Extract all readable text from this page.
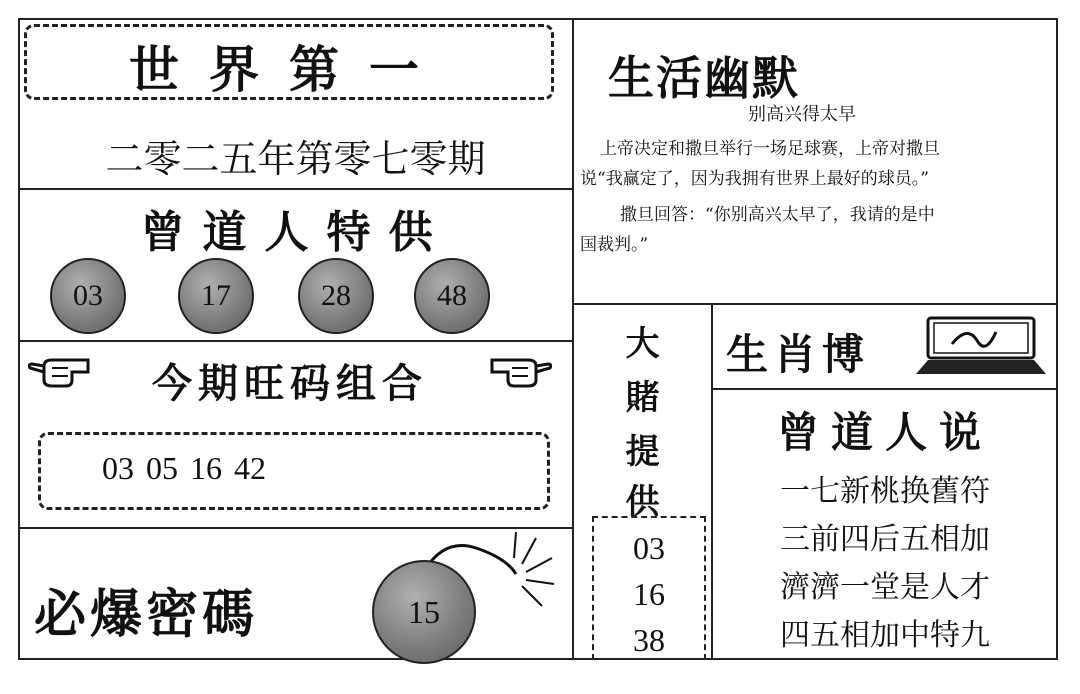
世界第一
二零二五年第零七零期
曾道人特供
03	17	28	48
今期旺码组合
03 05 16 42
必爆密碼	15
生活幽默
别高兴得太早
上帝决定和撒旦举行一场足球赛，上帝对撒旦
说“我赢定了，因为我拥有世界上最好的球员。”
撒旦回答：“你别高兴太早了，我请的是中
国裁判。”
大
賭
提
供
03
16
38
生肖博
曾道人说
一七新桃换舊符
三前四后五相加
濟濟一堂是人才
四五相加中特九
